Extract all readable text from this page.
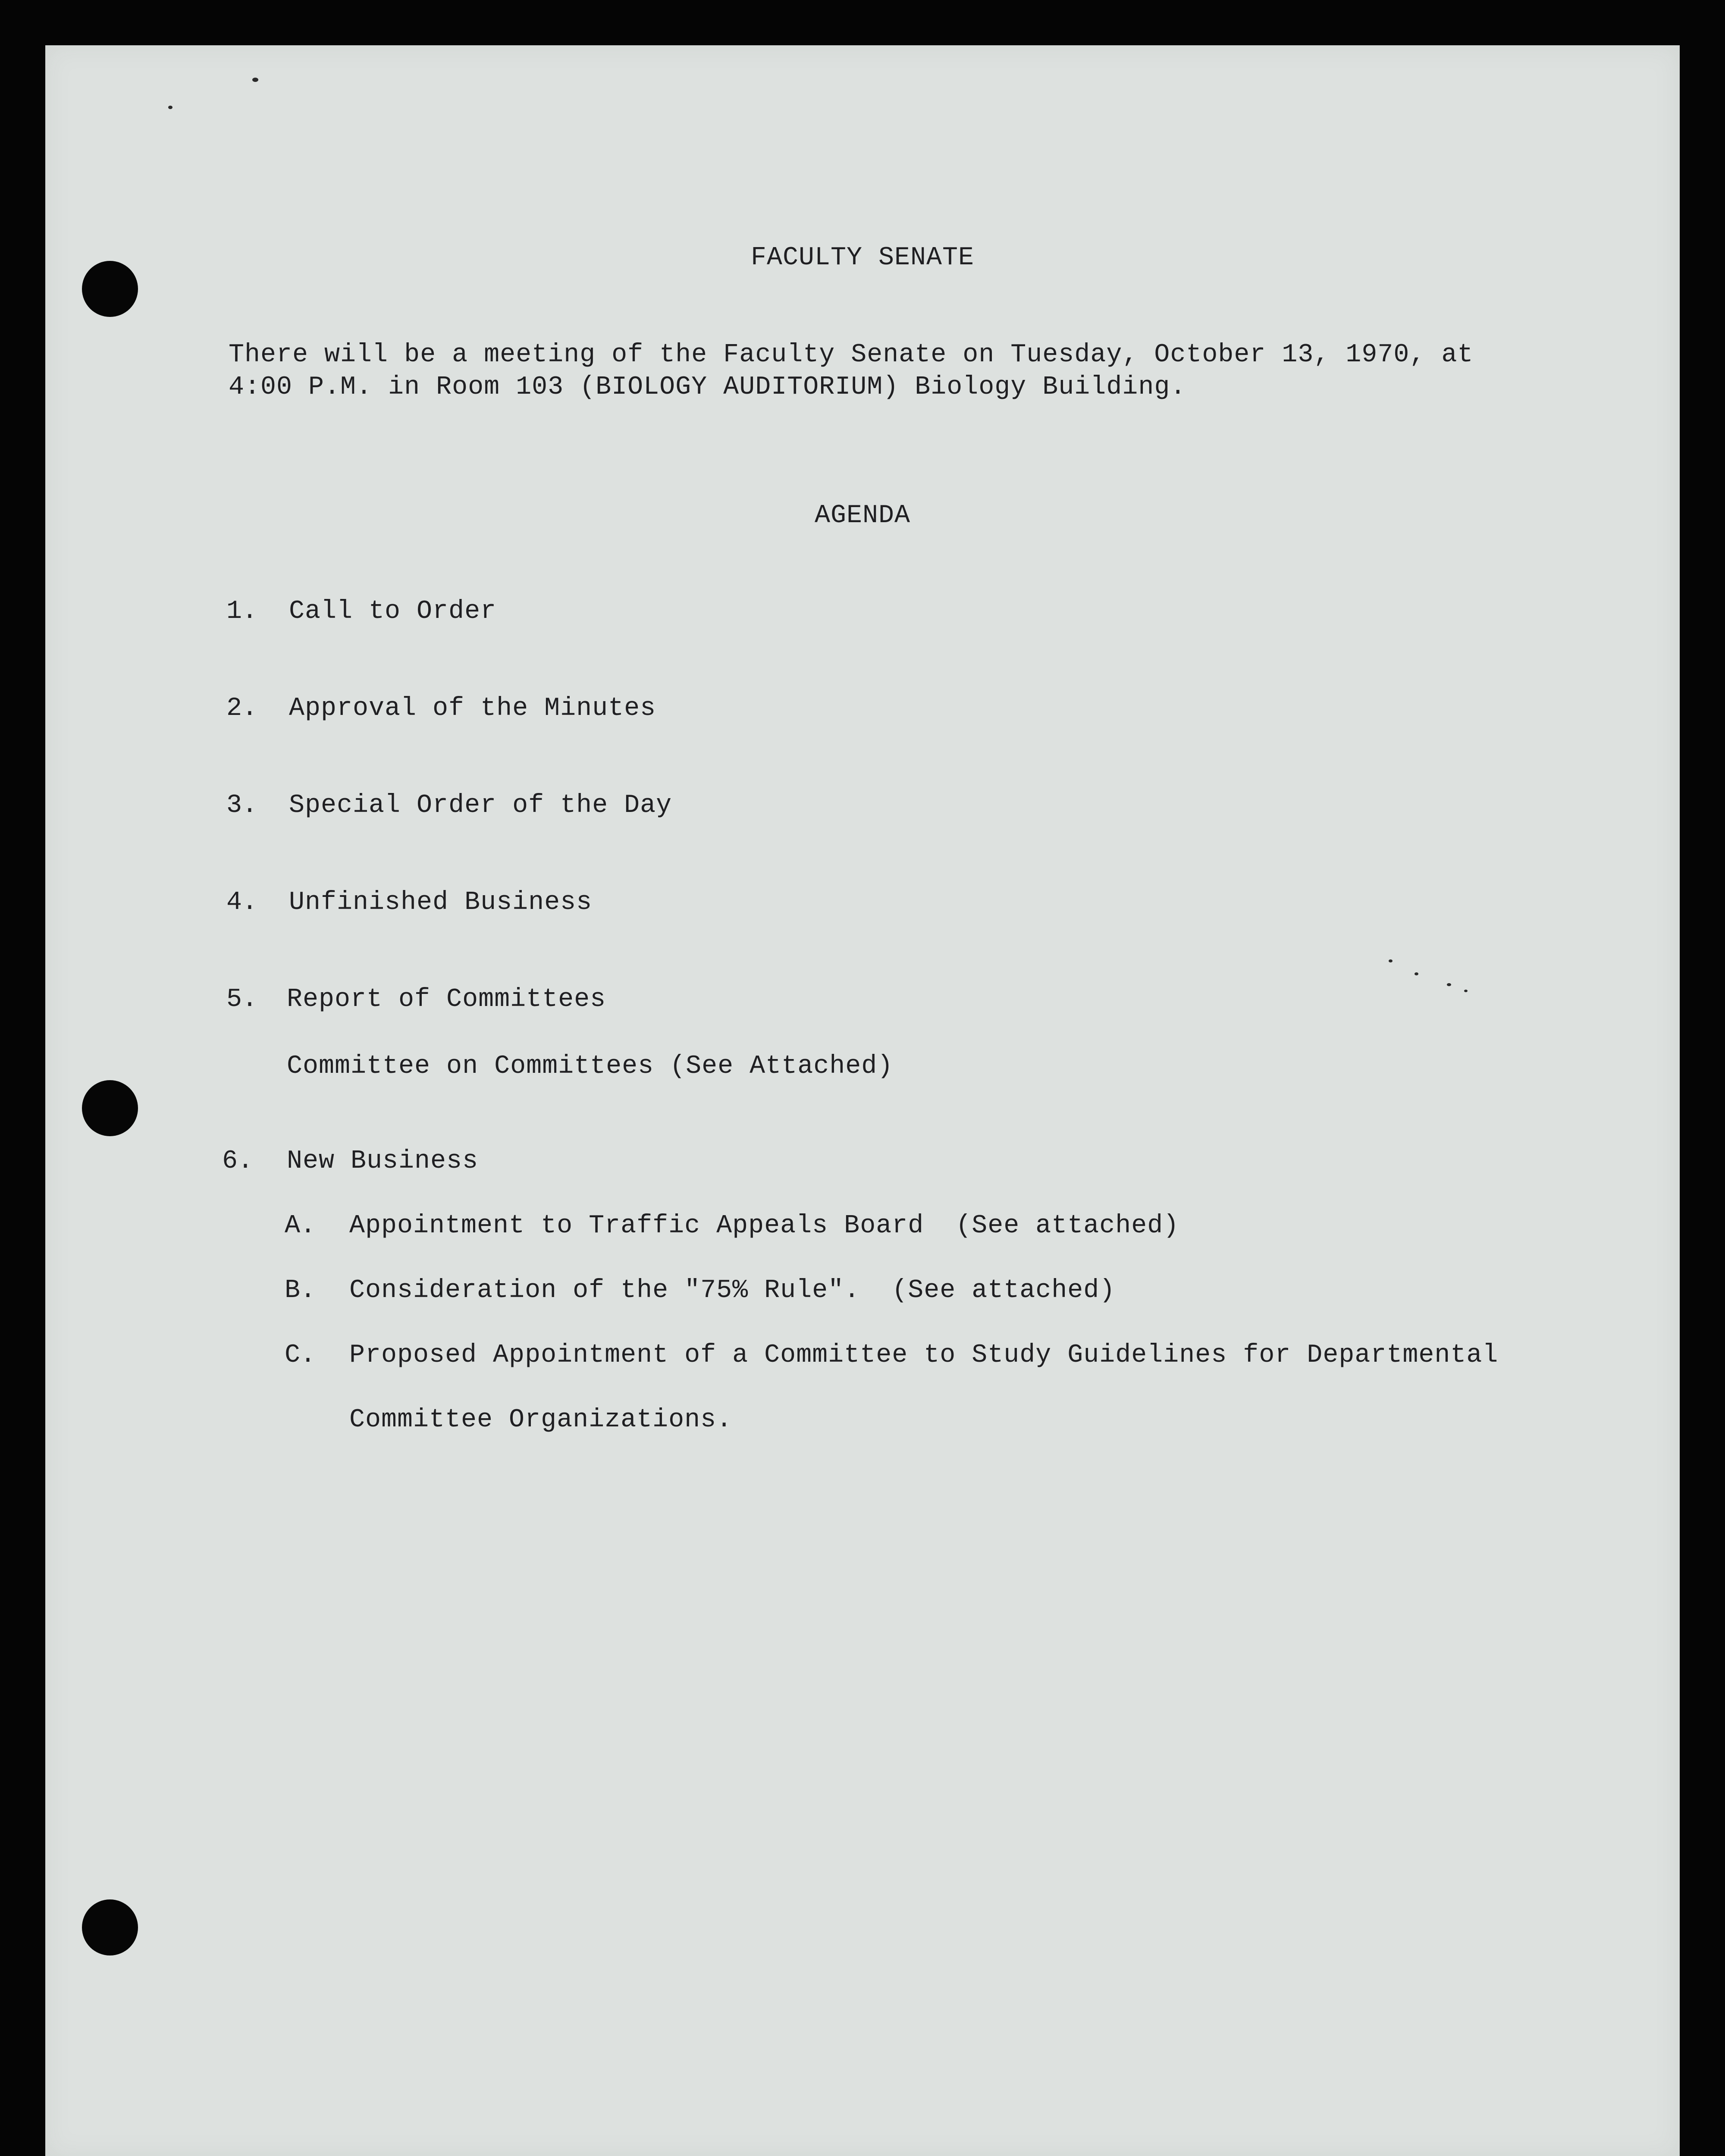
FACULTY SENATE
There will be a meeting of the Faculty Senate on Tuesday, October 13, 1970, at
4:00 P.M. in Room 103 (BIOLOGY AUDITORIUM) Biology Building.
AGENDA
1. Call to Order
2. Approval of the Minutes
3. Special Order of the Day
4. Unfinished Business
5. Report of Committees
Committee on Committees (See Attached)
6. New Business
A. Appointment to Traffic Appeals Board  (See attached)
B. Consideration of the "75% Rule".  (See attached)
C. Proposed Appointment of a Committee to Study Guidelines for Departmental
Committee Organizations.
